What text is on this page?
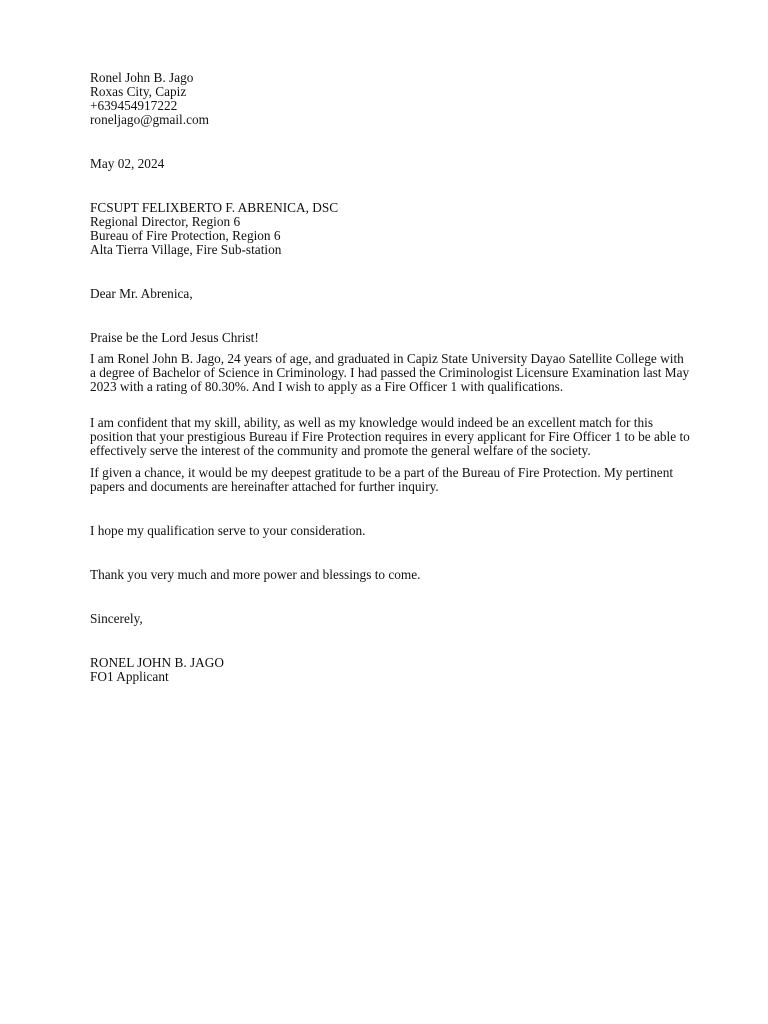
Ronel John B. Jago
Roxas City, Capiz
+639454917222
roneljago@gmail.com
May 02, 2024
FCSUPT FELIXBERTO F. ABRENICA, DSC
Regional Director, Region 6
Bureau of Fire Protection, Region 6
Alta Tierra Village, Fire Sub-station
Dear Mr. Abrenica,
Praise be the Lord Jesus Christ!
I am Ronel John B. Jago, 24 years of age, and graduated in Capiz State University Dayao Satellite College with a degree of Bachelor of Science in Criminology. I had passed the Criminologist Licensure Examination last May 2023 with a rating of 80.30%. And I wish to apply as a Fire Officer 1 with qualifications.
I am confident that my skill, ability, as well as my knowledge would indeed be an excellent match for this position that your prestigious Bureau if Fire Protection requires in every applicant for Fire Officer 1 to be able to effectively serve the interest of the community and promote the general welfare of the society.
If given a chance, it would be my deepest gratitude to be a part of the Bureau of Fire Protection. My pertinent papers and documents are hereinafter attached for further inquiry.
I hope my qualification serve to your consideration.
Thank you very much and more power and blessings to come.
Sincerely,
RONEL JOHN B. JAGO
FO1 Applicant
